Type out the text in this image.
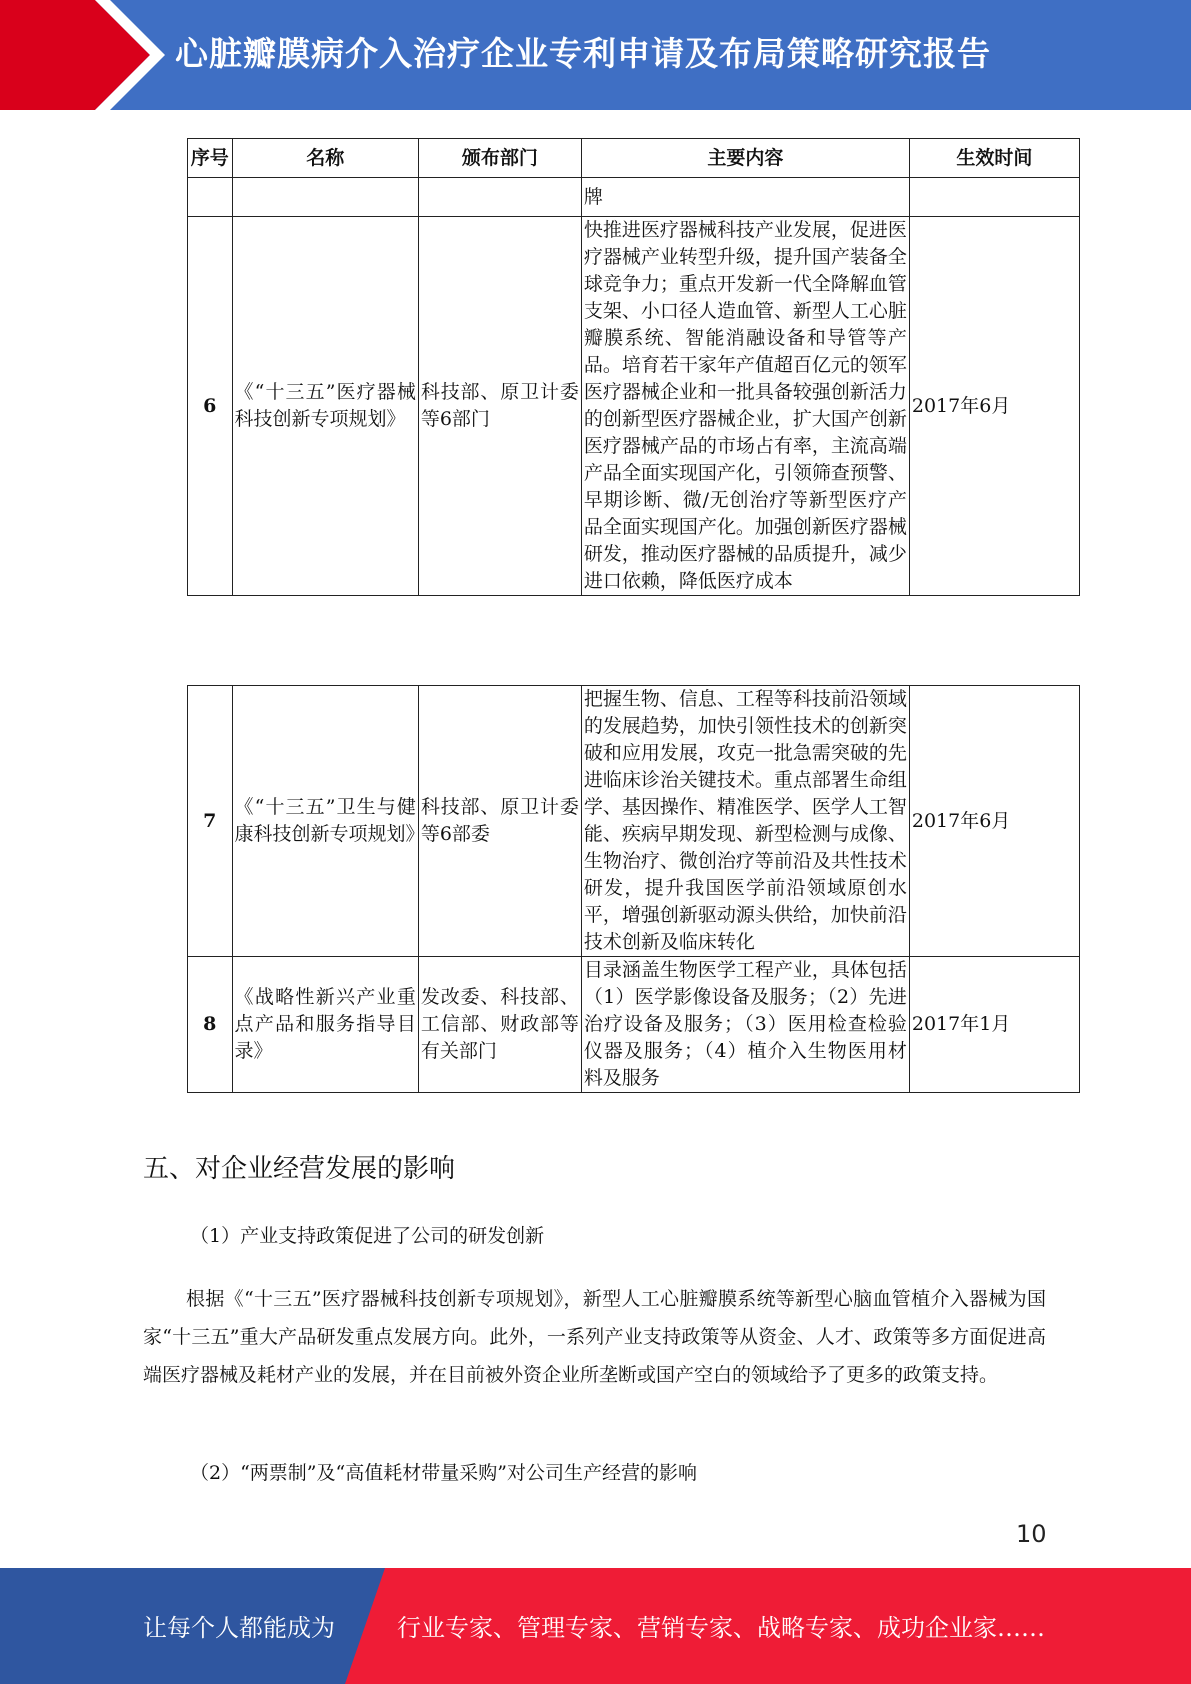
心脏瓣膜病介入治疗企业专利申请及布局策略研究报告
序号	名称	颁布部门	主要内容	生效时间
			牌	
6	《“十三五”医疗器械科技创新专项规划》	科技部、原卫计委等6部门	快推进医疗器械科技产业发展，促进医疗器械产业转型升级，提升国产装备全球竞争力；重点开发新一代全降解血管支架、小口径人造血管、新型人工心脏瓣膜系统、智能消融设备和导管等产品。培育若干家年产值超百亿元的领军医疗器械企业和一批具备较强创新活力的创新型医疗器械企业，扩大国产创新医疗器械产品的市场占有率，主流高端产品全面实现国产化，引领筛查预警、早期诊断、微/无创治疗等新型医疗产品全面实现国产化。加强创新医疗器械研发，推动医疗器械的品质提升，减少进口依赖，降低医疗成本	2017年6月
7	《“十三五”卫生与健康科技创新专项规划》	科技部、原卫计委等6部委	把握生物、信息、工程等科技前沿领域的发展趋势，加快引领性技术的创新突破和应用发展，攻克一批急需突破的先进临床诊治关键技术。重点部署生命组学、基因操作、精准医学、医学人工智能、疾病早期发现、新型检测与成像、生物治疗、微创治疗等前沿及共性技术研发，提升我国医学前沿领域原创水平，增强创新驱动源头供给，加快前沿技术创新及临床转化	2017年6月
8	《战略性新兴产业重点产品和服务指导目录》	发改委、科技部、工信部、财政部等有关部门	目录涵盖生物医学工程产业，具体包括（1）医学影像设备及服务；（2）先进治疗设备及服务；（3）医用检查检验仪器及服务；（4）植介入生物医用材料及服务	2017年1月
五、对企业经营发展的影响
（1）产业支持政策促进了公司的研发创新
根据《“十三五”医疗器械科技创新专项规划》，新型人工心脏瓣膜系统等新型心脑血管植介入器械为国家“十三五”重大产品研发重点发展方向。此外，一系列产业支持政策等从资金、人才、政策等多方面促进高端医疗器械及耗材产业的发展，并在目前被外资企业所垄断或国产空白的领域给予了更多的政策支持。
（2）“两票制”及“高值耗材带量采购”对公司生产经营的影响
10
让每个人都能成为	行业专家、管理专家、营销专家、战略专家、成功企业家……
